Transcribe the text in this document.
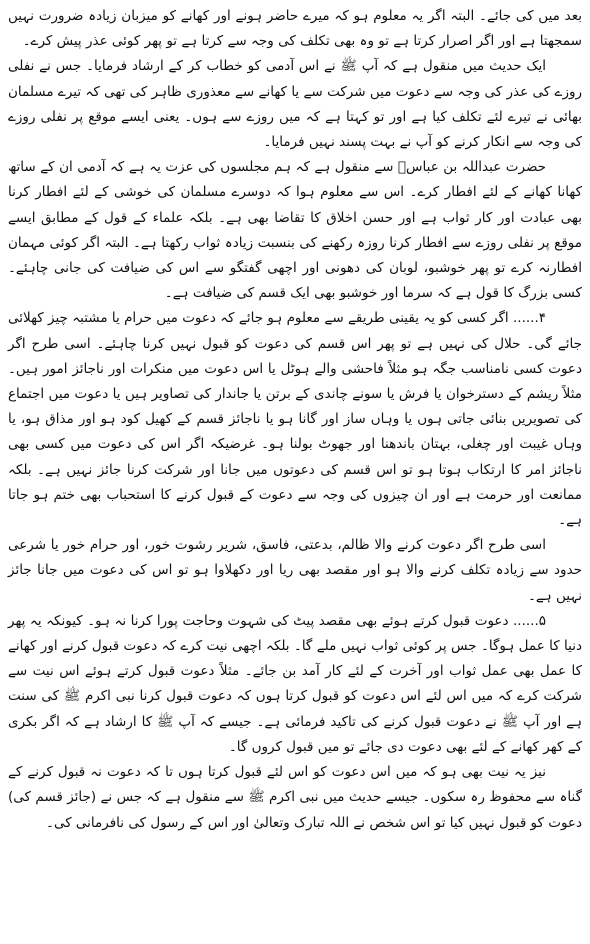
بعد میں کی جائے۔ البتہ اگر یہ معلوم ہو کہ میرے حاضر ہونے اور کھانے کو میزبان زیادہ ضرورت نہیں سمجھتا ہے اور اگر اصرار کرتا ہے تو وہ بھی تکلف کی وجہ سے کرتا ہے تو پھر کوئی عذر پیش کرے۔

ایک حدیث میں منقول ہے کہ آپ ﷺ نے اس آدمی کو خطاب کر کے ارشاد فرمایا۔ جس نے نفلی روزے کی عذر کی وجہ سے دعوت میں شرکت سے یا کھانے سے معذوری ظاہر کی تھی کہ تیرے مسلمان بھائی نے تیرے لئے تکلف کیا ہے اور تو کہتا ہے کہ میں روزے سے ہوں۔ یعنی ایسے موقع پر نفلی روزے کی وجہ سے انکار کرنے کو آپ نے بہت پسند نہیں فرمایا۔

حضرت عبداللہ بن عباسؓ سے منقول ہے کہ ہم مجلسوں کی عزت یہ ہے کہ آدمی ان کے ساتھ کھانا کھانے کے لئے افطار کرے۔ اس سے معلوم ہوا کہ دوسرے مسلمان کی خوشی کے لئے افطار کرنا بھی عبادت اور کار ثواب ہے اور حسن اخلاق کا تقاضا بھی ہے۔ بلکہ علماء کے قول کے مطابق ایسے موقع پر نفلی روزے سے افطار کرنا روزہ رکھنے کی بنسبت زیادہ ثواب رکھتا ہے۔ البتہ اگر کوئی مہمان افطارنہ کرے تو پھر خوشبو، لوبان کی دھونی اور اچھی گفتگو سے اس کی ضیافت کی جانی چاہئے۔ کسی بزرگ کا قول ہے کہ سرما اور خوشبو بھی ایک قسم کی ضیافت ہے۔

۴...... اگر کسی کو یہ یقینی طریقے سے معلوم ہو جائے کہ دعوت میں حرام یا مشتبہ چیز کھلائی جائے گی۔ حلال کی نہیں ہے تو پھر اس قسم کی دعوت کو قبول نہیں کرنا چاہئے۔ اسی طرح اگر دعوت کسی نامناسب جگہ ہو مثلاً فاحشی والے ہوٹل یا اس دعوت میں منکرات اور ناجائز امور ہیں۔ مثلاً ریشم کے دسترخوان یا فرش یا سونے چاندی کے برتن یا جاندار کی تصاویر ہیں یا دعوت میں اجتماع کی تصویریں بنائی جاتی ہوں یا وہاں ساز اور گانا ہو یا ناجائز قسم کے کھیل کود ہو اور مذاق ہو، یا وہاں غیبت اور چغلی، بہتان باندھنا اور جھوٹ بولنا ہو۔ غرضیکہ اگر اس کی دعوت میں کسی بھی ناجائز امر کا ارتکاب ہوتا ہو تو اس قسم کی دعوتوں میں جانا اور شرکت کرنا جائز نہیں ہے۔ بلکہ ممانعت اور حرمت ہے اور ان چیزوں کی وجہ سے دعوت کے قبول کرنے کا استحباب بھی ختم ہو جاتا ہے۔

اسی طرح اگر دعوت کرنے والا ظالم، بدعتی، فاسق، شریر رشوت خور، اور حرام خور یا شرعی حدود سے زیادہ تکلف کرنے والا ہو اور مقصد بھی ریا اور دکھلاوا ہو تو اس کی دعوت میں جانا جائز نہیں ہے۔

۵...... دعوت قبول کرتے ہوئے بھی مقصد پیٹ کی شہوت وحاجت پورا کرنا نہ ہو۔ کیونکہ یہ پھر دنیا کا عمل ہوگا۔ جس پر کوئی ثواب نہیں ملے گا۔ بلکہ اچھی نیت کرے کہ دعوت قبول کرنے اور کھانے کا عمل بھی عمل ثواب اور آخرت کے لئے کار آمد بن جائے۔ مثلاً دعوت قبول کرتے ہوئے اس نیت سے شرکت کرے کہ میں اس لئے اس دعوت کو قبول کرتا ہوں کہ دعوت قبول کرنا نبی اکرم ﷺ کی سنت ہے اور آپ ﷺ نے دعوت قبول کرنے کی تاکید فرمائی ہے۔ جیسے کہ آپ ﷺ کا ارشاد ہے کہ اگر بکری کے کھر کھانے کے لئے بھی دعوت دی جائے تو میں قبول کروں گا۔

نیز یہ نیت بھی ہو کہ میں اس دعوت کو اس لئے قبول کرتا ہوں تا کہ دعوت نہ قبول کرنے کے گناہ سے محفوظ رہ سکوں۔ جیسے حدیث میں نبی اکرم ﷺ سے منقول ہے کہ جس نے (جائز قسم کی) دعوت کو قبول نہیں کیا تو اس شخص نے اللہ تبارک وتعالیٰ اور اس کے رسول کی نافرمانی کی۔
